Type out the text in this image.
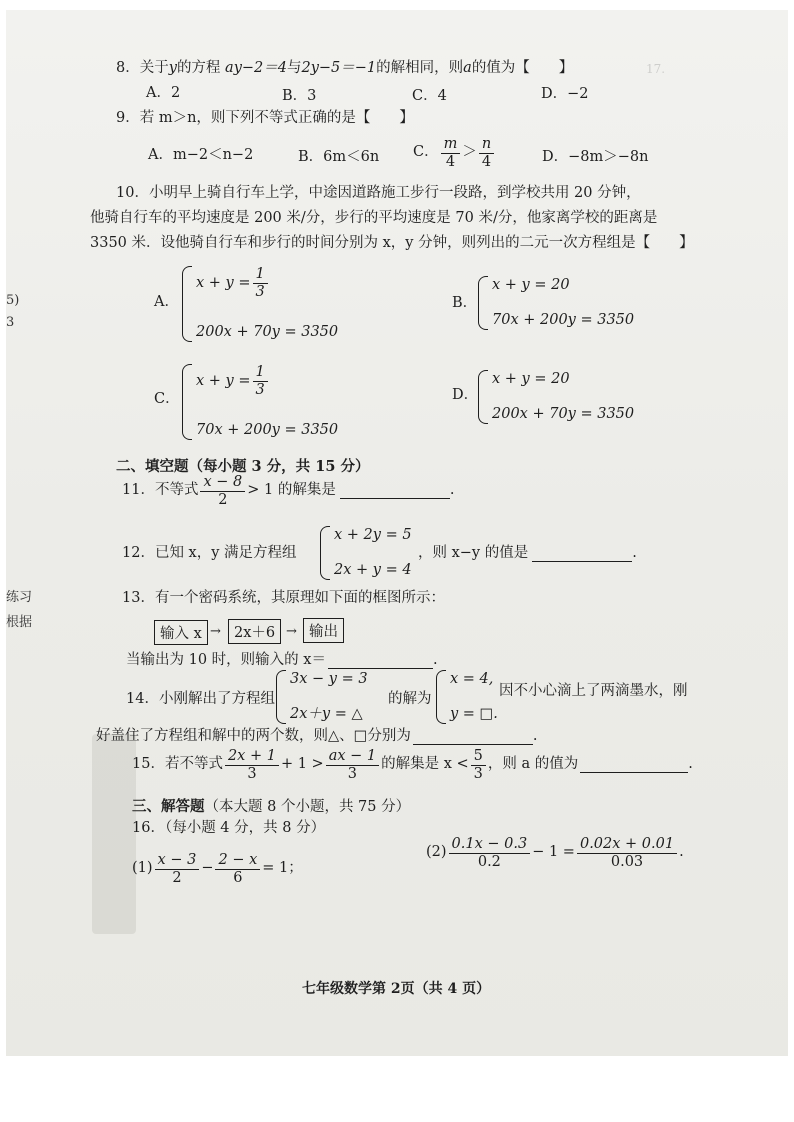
17.
5)
3
练习
根据
8．关于y的方程 ay−2＝4与2y−5＝−1的解相同，则a的值为【　　】
A．2	B．3	C．4	D．−2
9．若 m＞n，则下列不等式正确的是【　　】
A．m−2＜n−2	B．6m＜6n C． $\frac{m}{4} > \frac{n}{4}$	D．−8m＞−8n
10．小明早上骑自行车上学，中途因道路施工步行一段路，到学校共用 20 分钟，
他骑自行车的平均速度是 200 米/分，步行的平均速度是 70 米/分，他家离学校的距离是
3350 米．设他骑自行车和步行的时间分别为 x，y 分钟，则列出的二元一次方程组是【　　】
A．
$x + y = \frac{1}{3}$
200x + 70y = 3350
B．
x + y = 20
70x + 200y = 3350
C．
$x + y = \frac{1}{3}$
70x + 200y = 3350
D．
x + y = 20
200x + 70y = 3350
二、填空题（每小题 3 分，共 15 分）
11．不等式 $\frac{x - 8}{2} > 1$ 的解集是	.
12．已知 x，y 满足方程组
x + 2y = 5
2x + y = 4
，则 x−y 的值是	.
13．有一个密码系统，其原理如下面的框图所示：
输入 x → 2x＋6 → 输出
当输出为 10 时，则输入的 x＝	.
14．小刚解出了方程组
3x − y = 3
2x＋y = △
的解为
x = 4,
y = □.
因不小心滴上了两滴墨水，刚
好盖住了方程组和解中的两个数，则△、□分别为	.
15．若不等式 $\frac{2x + 1}{3} + 1 > \frac{ax - 1}{3}$ 的解集是 $x < \frac{5}{3}$ ，则 a 的值为	.
三、解答题（本大题 8 个小题，共 75 分）
16．（每小题 4 分，共 8 分）
$(1) \frac{x - 3}{2} - \frac{2 - x}{6} = 1$；
$(2) \frac{0.1x - 0.3}{0.2} - 1 = \frac{0.02x + 0.01}{0.03}$ .
七年级数学第 2页（共 4 页）
